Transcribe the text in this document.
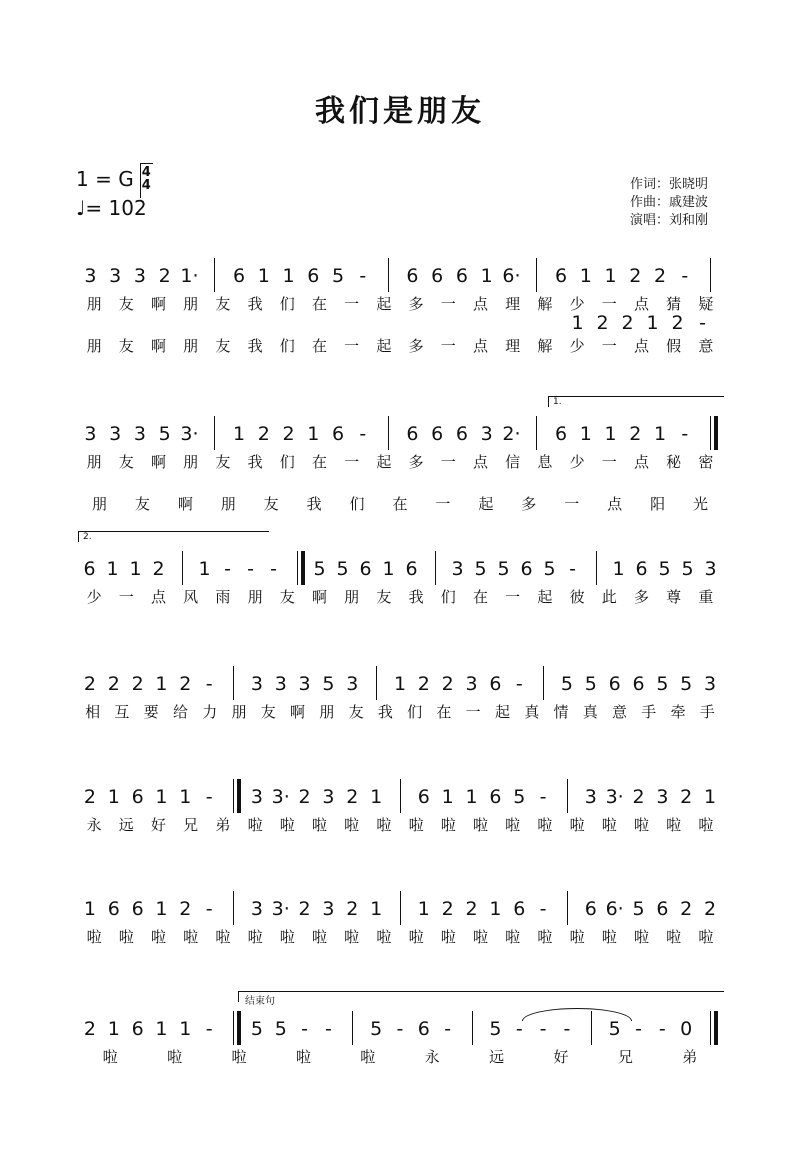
我们是朋友
1 = G 4
4
♩= 102
作词：张晓明
作曲：戚建波
演唱：刘和刚
3 3 3 2 1·	6 1 1 6 5 -	6 6 6 1 6·	6 1 1 2 2 -
朋 友 啊 朋 友 我 们 在 一 起 多 一 点 理 解 少 一 点 猜 疑
1 2 2 1 2 -
朋 友 啊 朋 友 我 们 在 一 起 多 一 点 理 解 少 一 点 假 意
3 3 3 5 3·	1 2 2 1 6 -	6 6 6 3 2·	6 1 1 2 1 -
朋 友 啊 朋 友 我 们 在 一 起 多 一 点 信 息 少 一 点 秘 密
朋 友 啊 朋 友 我 们 在 一 起 多 一 点 阳 光
6 1 1 2 1 - - -	5 5 6 1 6 3 5 5 6 5 -	1 6 5 5 3
少 一 点 风 雨 朋 友 啊 朋 友 我 们 在 一 起 彼 此 多 尊 重
2 2 2 1 2 -	3 3 3 5 3	1 2 2 3 6 -	5 5 6 6 5 5 3
相 互 要 给 力 朋 友 啊 朋 友 我 们 在 一 起 真 情 真 意 手 牵 手
2 1 6 1 1 -	3 3· 2 3 2 1	6 1 1 6 5 -	3 3· 2 3 2 1
永 远 好 兄 弟 啦 啦 啦 啦 啦 啦 啦 啦 啦 啦 啦 啦 啦 啦 啦
1 6 6 1 2 -	3 3· 2 3 2 1	1 2 2 1 6 -	6 6· 5 6 2 2
啦 啦 啦 啦 啦 啦 啦 啦 啦 啦 啦 啦 啦 啦 啦 啦 啦 啦 啦 啦
2 1 6 1 1 -	5 5 - -	5 - 6 -	5 - - -	5 - - 0
啦	啦	啦	啦	啦	永	远	好	兄	弟
1.
2.
结束句
